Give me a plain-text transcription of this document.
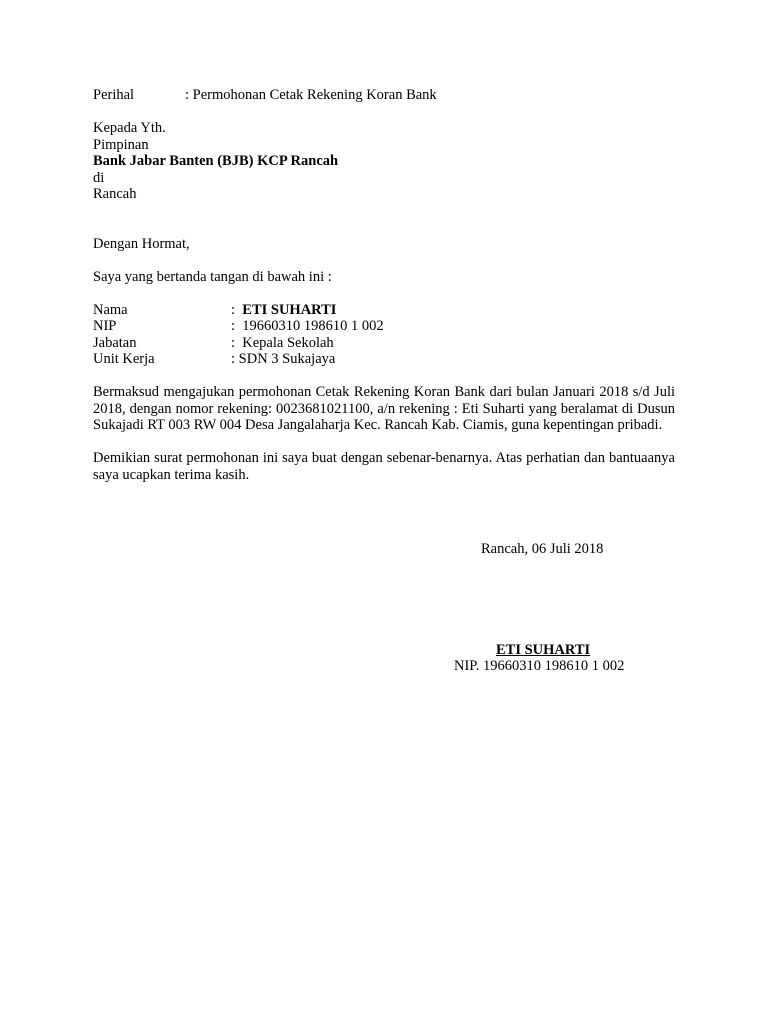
Perihal	: Permohonan Cetak Rekening Koran Bank
Kepada Yth.
Pimpinan
Bank Jabar Banten (BJB) KCP Rancah
di
Rancah
Dengan Hormat,
Saya yang bertanda tangan di bawah ini :
Nama	: ETI SUHARTI
NIP	:  19660310 198610 1 002
Jabatan	:  Kepala Sekolah
Unit Kerja	: SDN 3 Sukajaya
Bermaksud mengajukan permohonan Cetak Rekening Koran Bank dari bulan Januari 2018 s/d Juli 2018, dengan nomor rekening: 0023681021100, a/n rekening : Eti Suharti yang beralamat di Dusun Sukajadi RT 003 RW 004 Desa Jangalaharja Kec. Rancah Kab. Ciamis, guna kepentingan pribadi.
Demikian surat permohonan ini saya buat dengan sebenar-benarnya. Atas perhatian dan bantuaanya saya ucapkan terima kasih.
Rancah, 06 Juli 2018
ETI SUHARTI
NIP. 19660310 198610 1 002
